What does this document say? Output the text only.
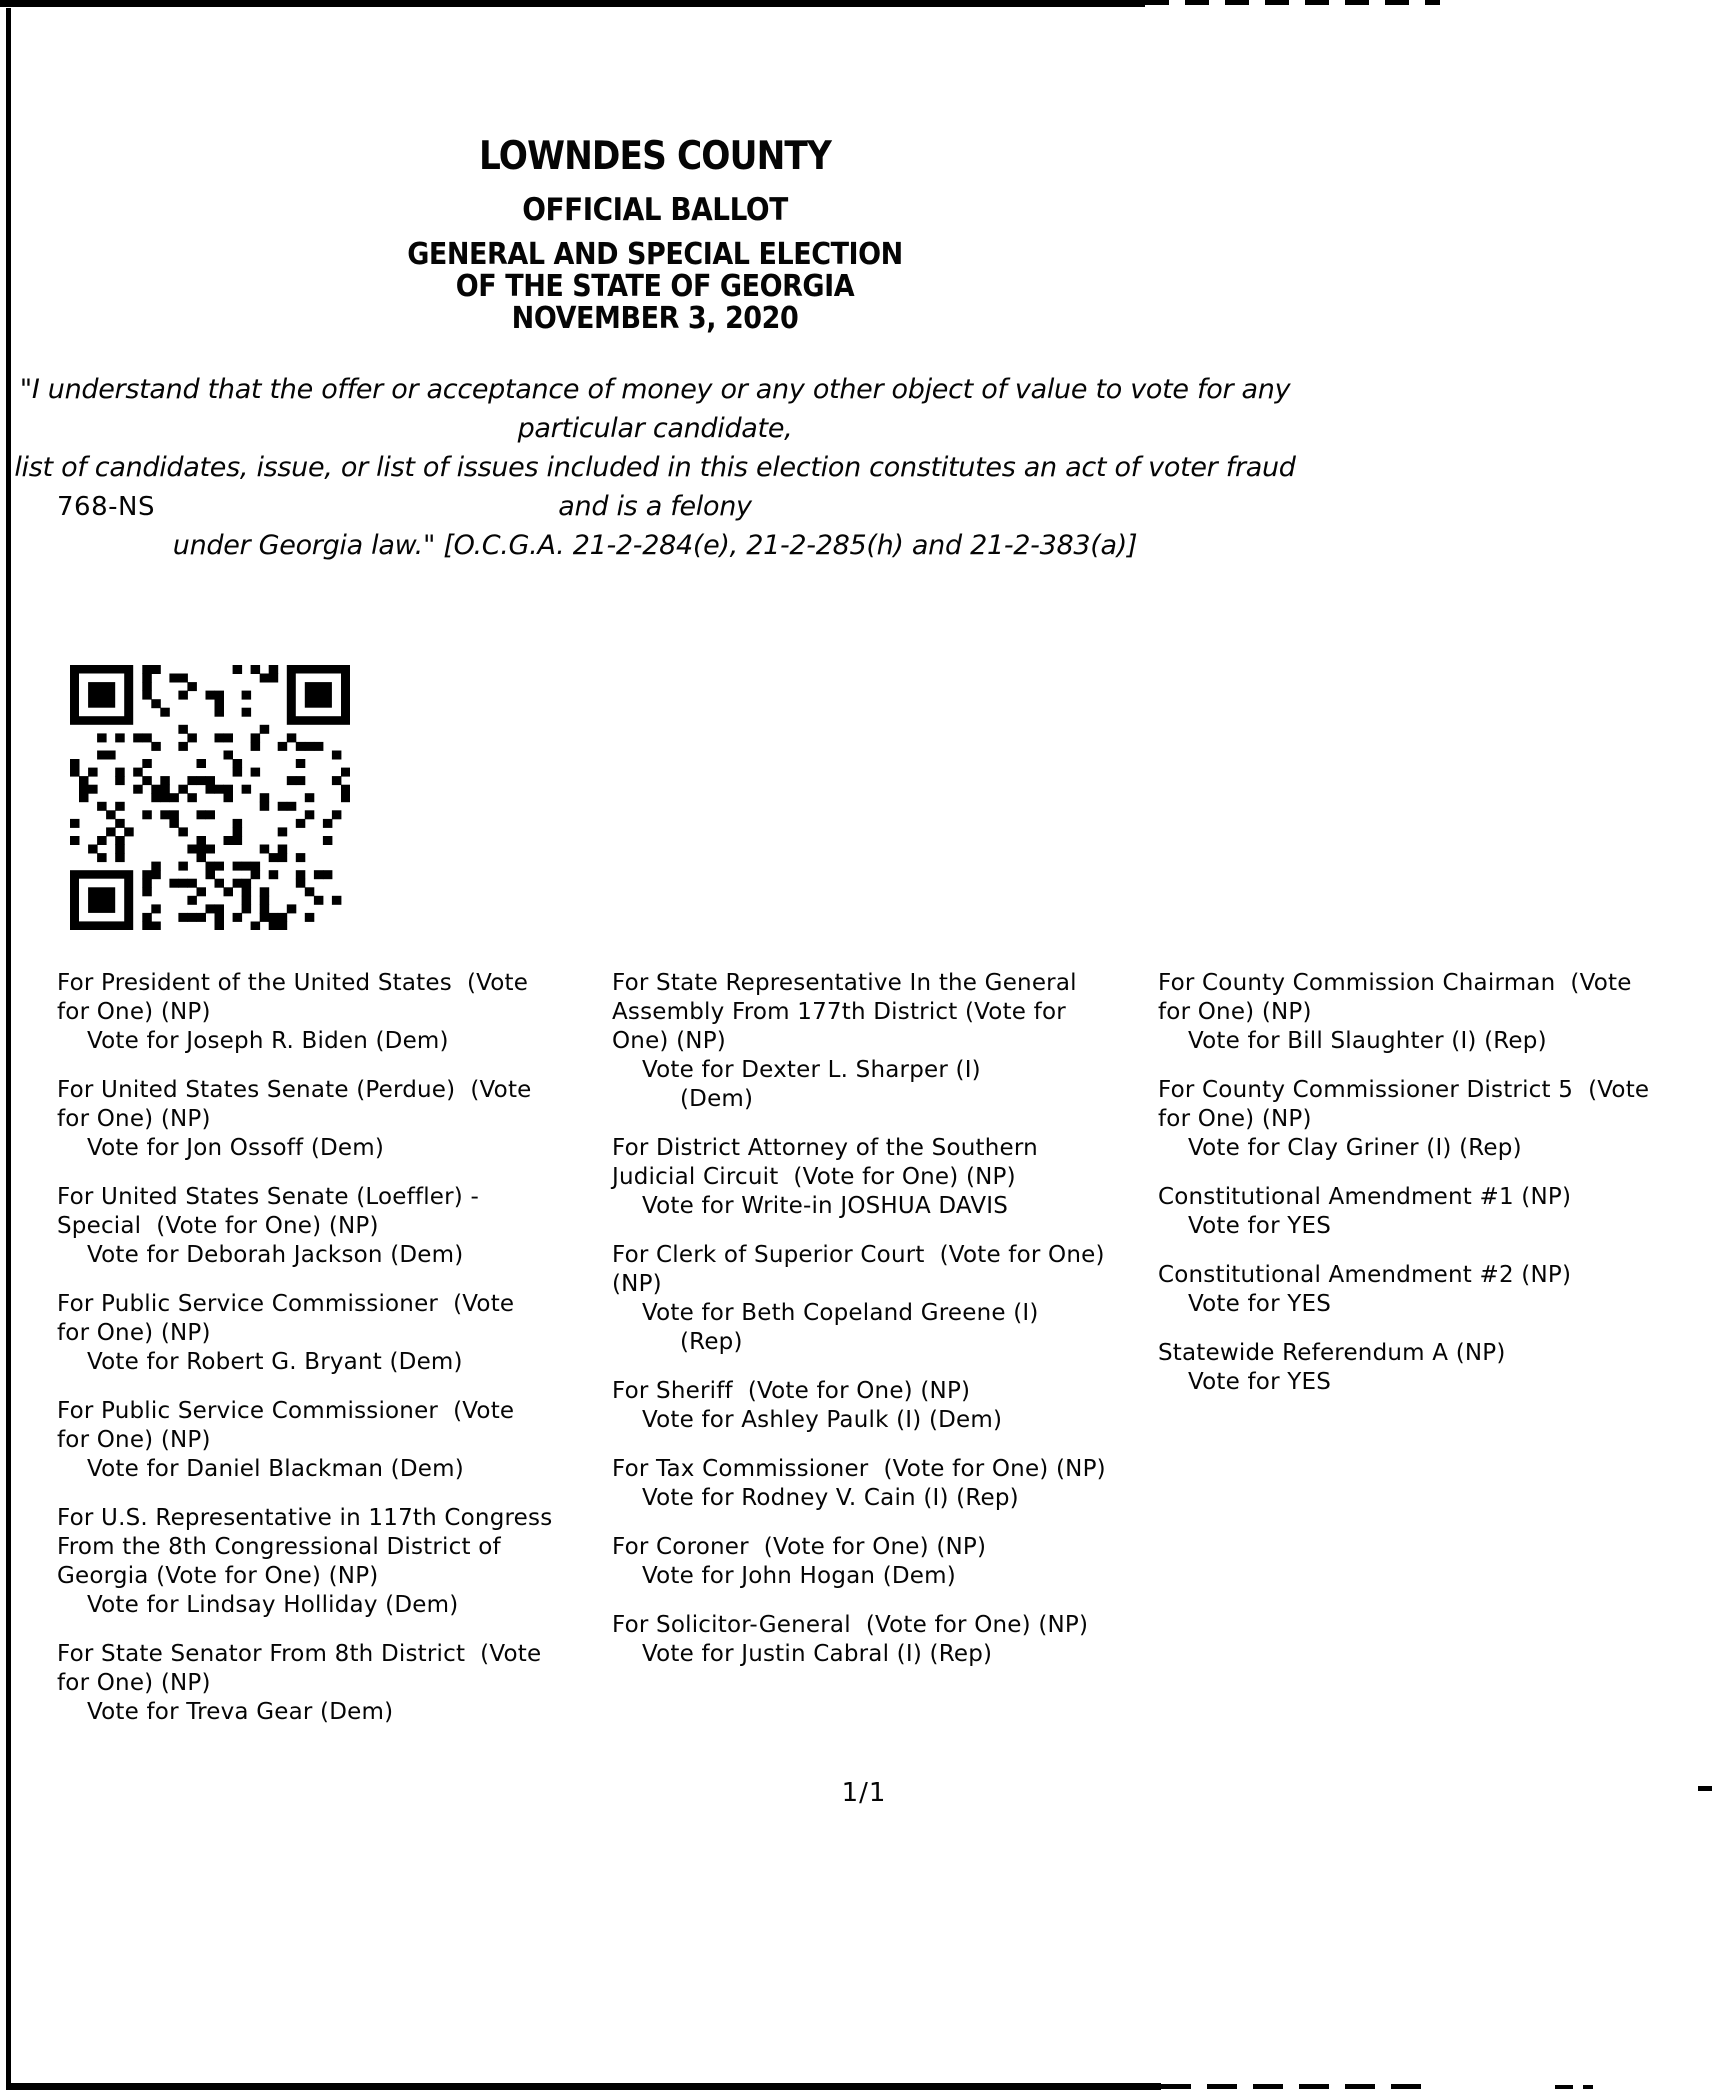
LOWNDES COUNTY
OFFICIAL BALLOT
GENERAL AND SPECIAL ELECTION
OF THE STATE OF GEORGIA
NOVEMBER 3, 2020
"I understand that the offer or acceptance of money or any other object of value to vote for any particular candidate,
list of candidates, issue, or list of issues included in this election constitutes an act of voter fraud and is a felony
under Georgia law." [O.C.G.A. 21-2-284(e), 21-2-285(h) and 21-2-383(a)]
768-NS
For President of the United States  (Vote
for One) (NP)
Vote for Joseph R. Biden (Dem)
For United States Senate (Perdue)  (Vote
for One) (NP)
Vote for Jon Ossoff (Dem)
For United States Senate (Loeffler) -
Special  (Vote for One) (NP)
Vote for Deborah Jackson (Dem)
For Public Service Commissioner  (Vote
for One) (NP)
Vote for Robert G. Bryant (Dem)
For Public Service Commissioner  (Vote
for One) (NP)
Vote for Daniel Blackman (Dem)
For U.S. Representative in 117th Congress
From the 8th Congressional District of
Georgia (Vote for One) (NP)
Vote for Lindsay Holliday (Dem)
For State Senator From 8th District  (Vote
for One) (NP)
Vote for Treva Gear (Dem)
For State Representative In the General
Assembly From 177th District (Vote for
One) (NP)
Vote for Dexter L. Sharper (I)
(Dem)
For District Attorney of the Southern
Judicial Circuit  (Vote for One) (NP)
Vote for Write-in JOSHUA DAVIS
For Clerk of Superior Court  (Vote for One)
(NP)
Vote for Beth Copeland Greene (I)
(Rep)
For Sheriff  (Vote for One) (NP)
Vote for Ashley Paulk (I) (Dem)
For Tax Commissioner  (Vote for One) (NP)
Vote for Rodney V. Cain (I) (Rep)
For Coroner  (Vote for One) (NP)
Vote for John Hogan (Dem)
For Solicitor-General  (Vote for One) (NP)
Vote for Justin Cabral (I) (Rep)
For County Commission Chairman  (Vote
for One) (NP)
Vote for Bill Slaughter (I) (Rep)
For County Commissioner District 5  (Vote
for One) (NP)
Vote for Clay Griner (I) (Rep)
Constitutional Amendment #1 (NP)
Vote for YES
Constitutional Amendment #2 (NP)
Vote for YES
Statewide Referendum A (NP)
Vote for YES
1/1
